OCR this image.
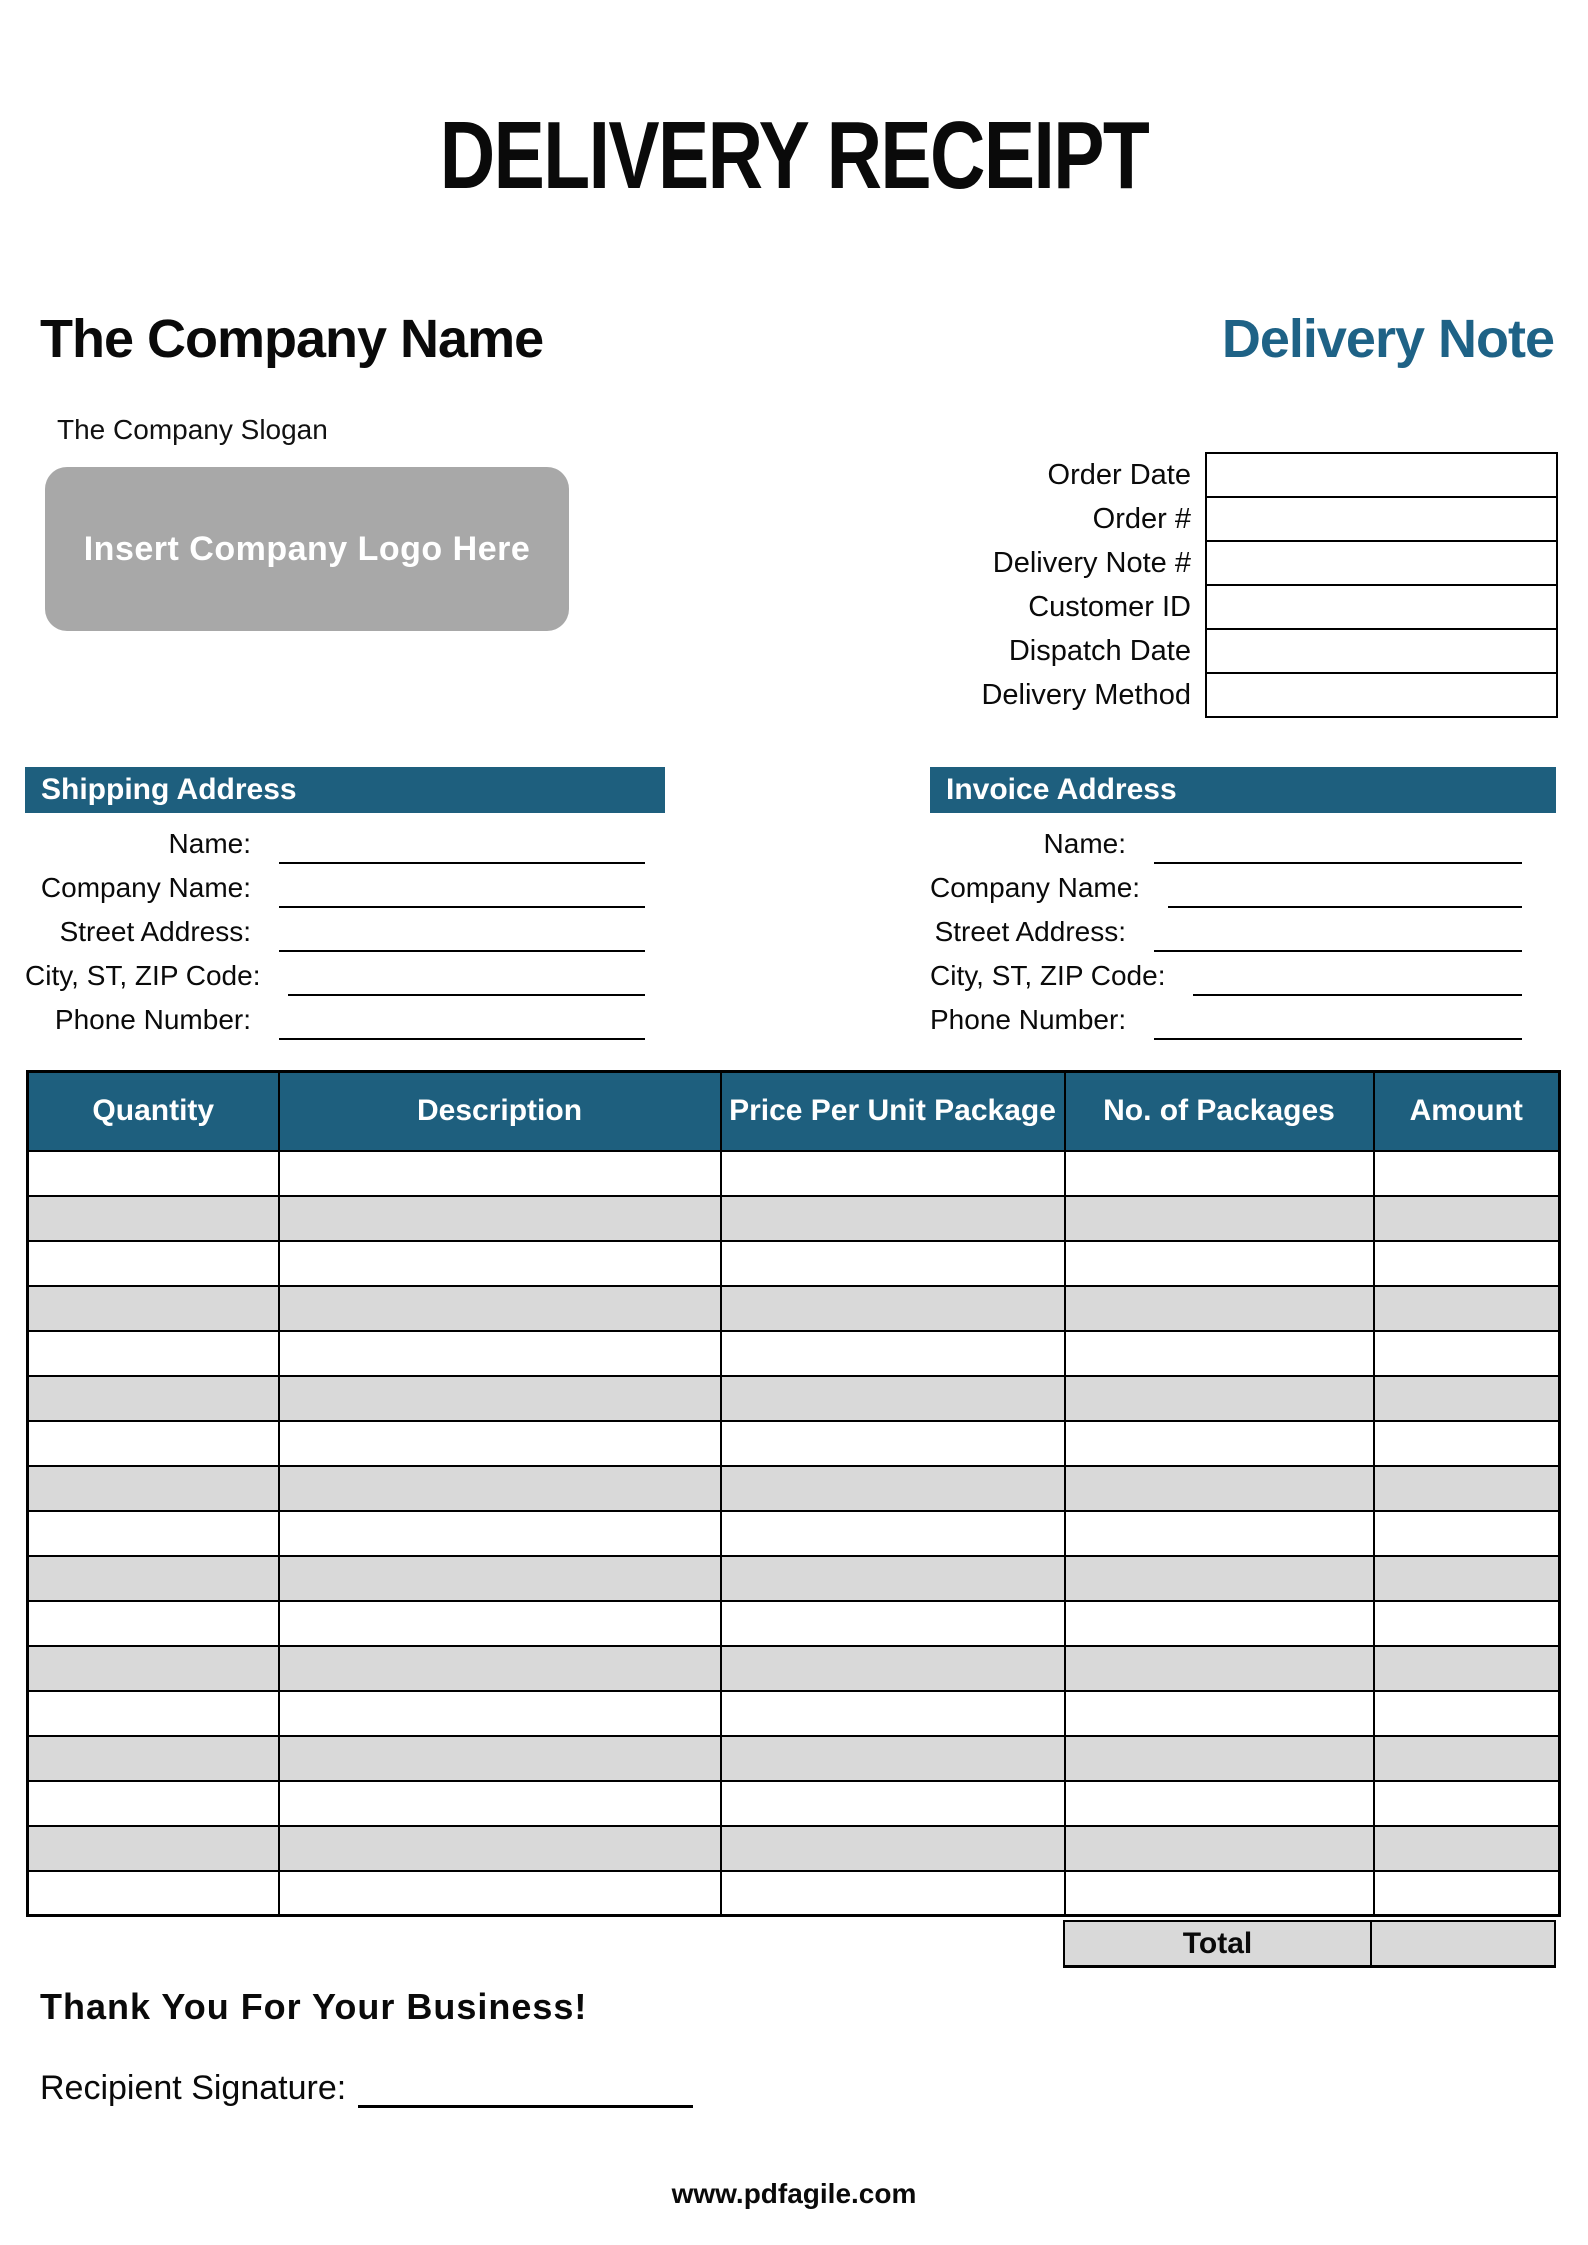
DELIVERY RECEIPT
The Company Name	Delivery Note
The Company Slogan
Insert Company Logo Here
Order Date
Order #
Delivery Note #
Customer ID
Dispatch Date
Delivery Method
Shipping Address
Name:
Company Name:
Street Address:
City, ST, ZIP Code:
Phone Number:
Invoice Address
Name:
Company Name:
Street Address:
City, ST, ZIP Code:
Phone Number:
Quantity	Description	Price Per Unit Package	No. of Packages	Amount

Total
Thank You For Your Business!
Recipient Signature:
www.pdfagile.com
